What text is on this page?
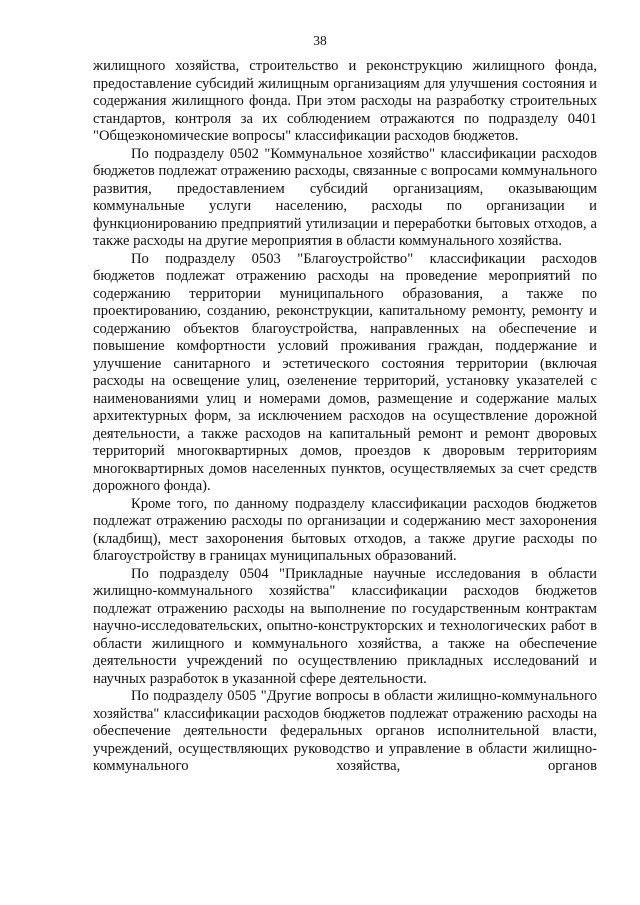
38

жилищного хозяйства, строительство и реконструкцию жилищного фонда, предоставление субсидий жилищным организациям для улучшения состояния и содержания жилищного фонда. При этом расходы на разработку строительных стандартов, контроля за их соблюдением отражаются по подразделу 0401 "Общеэкономические вопросы" классификации расходов бюджетов.

По подразделу 0502 "Коммунальное хозяйство" классификации расходов бюджетов подлежат отражению расходы, связанные с вопросами коммунального развития, предоставлением субсидий организациям, оказывающим коммунальные услуги населению, расходы по организации и функционированию предприятий утилизации и переработки бытовых отходов, а также расходы на другие мероприятия в области коммунального хозяйства.

По подразделу 0503 "Благоустройство" классификации расходов бюджетов подлежат отражению расходы на проведение мероприятий по содержанию территории муниципального образования, а также по проектированию, созданию, реконструкции, капитальному ремонту, ремонту и содержанию объектов благоустройства, направленных на обеспечение и повышение комфортности условий проживания граждан, поддержание и улучшение санитарного и эстетического состояния территории (включая расходы на освещение улиц, озеленение территорий, установку указателей с наименованиями улиц и номерами домов, размещение и содержание малых архитектурных форм, за исключением расходов на осуществление дорожной деятельности, а также расходов на капитальный ремонт и ремонт дворовых территорий многоквартирных домов, проездов к дворовым территориям многоквартирных домов населенных пунктов, осуществляемых за счет средств дорожного фонда).

Кроме того, по данному подразделу классификации расходов бюджетов подлежат отражению расходы по организации и содержанию мест захоронения (кладбищ), мест захоронения бытовых отходов, а также другие расходы по благоустройству в границах муниципальных образований.

По подразделу 0504 "Прикладные научные исследования в области жилищно-коммунального хозяйства" классификации расходов бюджетов подлежат отражению расходы на выполнение по государственным контрактам научно-исследовательских, опытно-конструкторских и технологических работ в области жилищного и коммунального хозяйства, а также на обеспечение деятельности учреждений по осуществлению прикладных исследований и научных разработок в указанной сфере деятельности.

По подразделу 0505 "Другие вопросы в области жилищно-коммунального хозяйства" классификации расходов бюджетов подлежат отражению расходы на обеспечение деятельности федеральных органов исполнительной власти, учреждений, осуществляющих руководство и управление в области жилищно-коммунального хозяйства, органов
